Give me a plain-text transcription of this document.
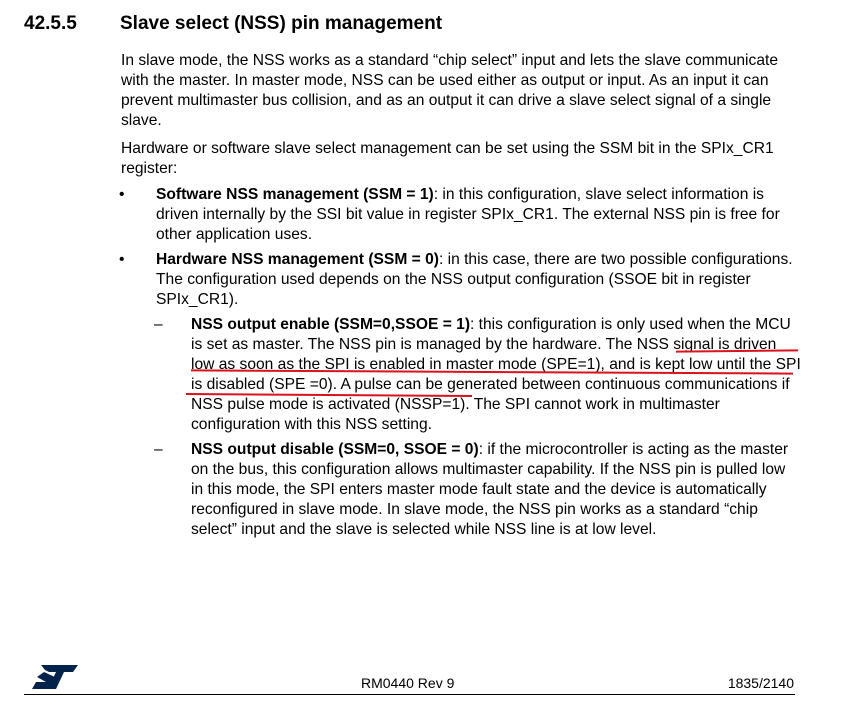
42.5.5 Slave select (NSS) pin management

In slave mode, the NSS works as a standard “chip select” input and lets the slave communicate with the master. In master mode, NSS can be used either as output or input. As an input it can prevent multimaster bus collision, and as an output it can drive a slave select signal of a single slave.

Hardware or software slave select management can be set using the SSM bit in the SPIx_CR1 register:

• Software NSS management (SSM = 1): in this configuration, slave select information is driven internally by the SSI bit value in register SPIx_CR1. The external NSS pin is free for other application uses.
• Hardware NSS management (SSM = 0): in this case, there are two possible configurations. The configuration used depends on the NSS output configuration (SSOE bit in register SPIx_CR1).
– NSS output enable (SSM=0,SSOE = 1): this configuration is only used when the MCU is set as master. The NSS pin is managed by the hardware. The NSS signal is driven low as soon as the SPI is enabled in master mode (SPE=1), and is kept low until the SPI is disabled (SPE =0). A pulse can be generated between continuous communications if NSS pulse mode is activated (NSSP=1). The SPI cannot work in multimaster configuration with this NSS setting.
– NSS output disable (SSM=0, SSOE = 0): if the microcontroller is acting as the master on the bus, this configuration allows multimaster capability. If the NSS pin is pulled low in this mode, the SPI enters master mode fault state and the device is automatically reconfigured in slave mode. In slave mode, the NSS pin works as a standard “chip select” input and the slave is selected while NSS line is at low level.
RM0440 Rev 9	1835/2140
